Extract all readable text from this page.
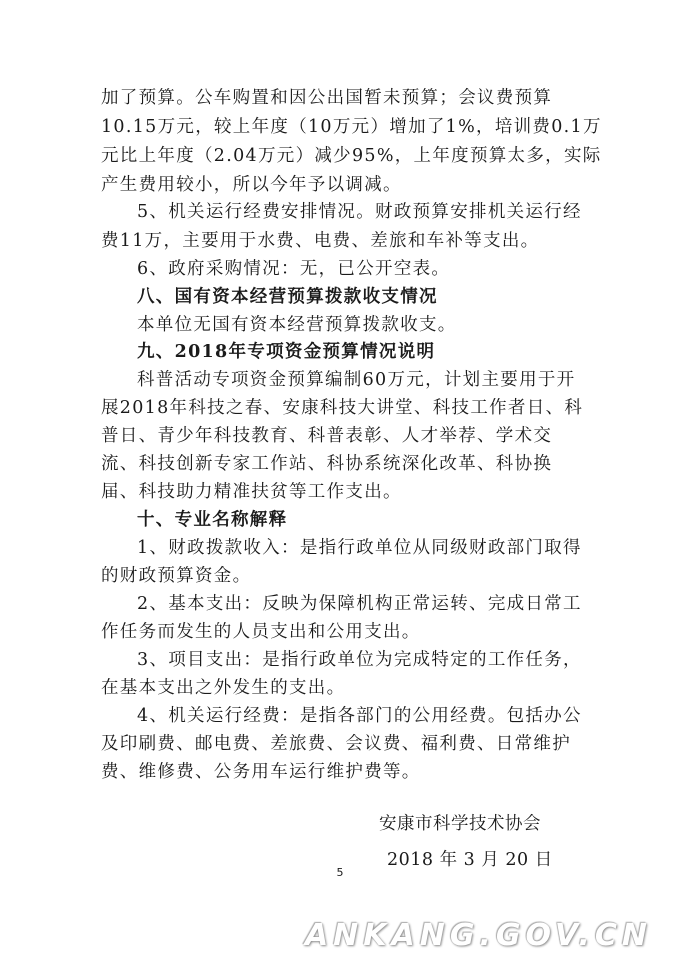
加了预算。公车购置和因公出国暂未预算；会议费预算
10.15万元，较上年度（10万元）增加了1%，培训费0.1万
元比上年度（2.04万元）减少95%，上年度预算太多，实际
产生费用较小，所以今年予以调减。
5、机关运行经费安排情况。财政预算安排机关运行经
费11万，主要用于水费、电费、差旅和车补等支出。
6、政府采购情况：无，已公开空表。
八、国有资本经营预算拨款收支情况
本单位无国有资本经营预算拨款收支。
九、2018年专项资金预算情况说明
科普活动专项资金预算编制60万元，计划主要用于开
展2018年科技之春、安康科技大讲堂、科技工作者日、科
普日、青少年科技教育、科普表彰、人才举荐、学术交
流、科技创新专家工作站、科协系统深化改革、科协换
届、科技助力精准扶贫等工作支出。
十、专业名称解释
1、财政拨款收入：是指行政单位从同级财政部门取得
的财政预算资金。
2、基本支出：反映为保障机构正常运转、完成日常工
作任务而发生的人员支出和公用支出。
3、项目支出：是指行政单位为完成特定的工作任务，
在基本支出之外发生的支出。
4、机关运行经费：是指各部门的公用经费。包括办公
及印刷费、邮电费、差旅费、会议费、福利费、日常维护
费、维修费、公务用车运行维护费等。
安康市科学技术协会
2018 年 3 月 20 日
5
ANKANG.GOV.CN
